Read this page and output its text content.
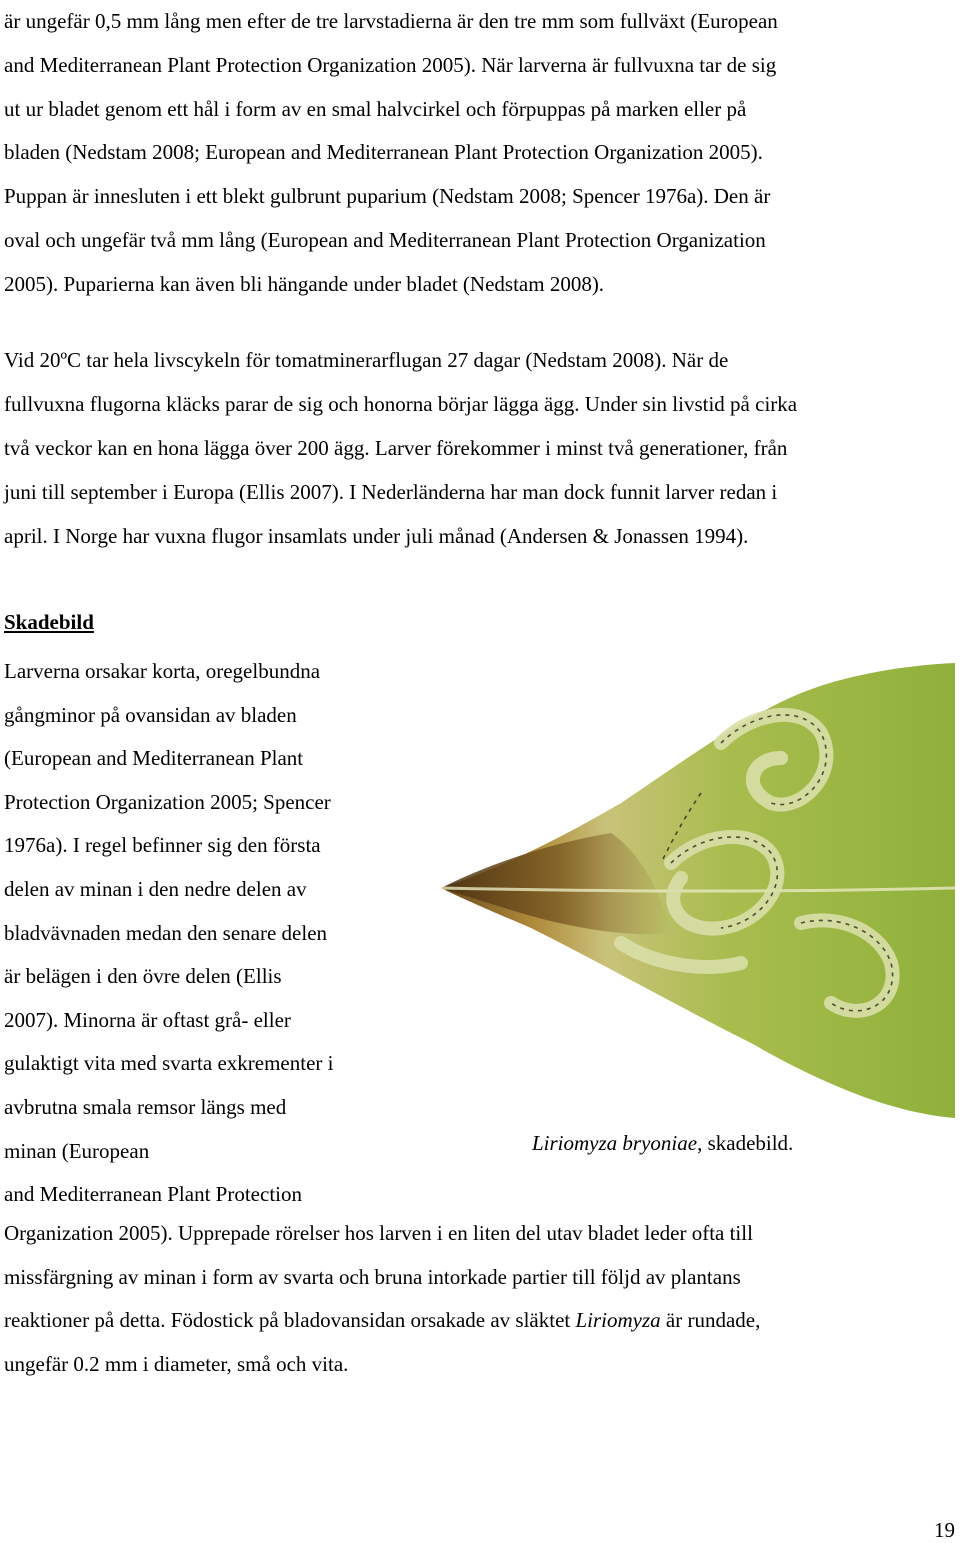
är ungefär 0,5 mm lång men efter de tre larvstadierna är den tre mm som fullväxt (European

and Mediterranean Plant Protection Organization 2005). När larverna är fullvuxna tar de sig

ut ur bladet genom ett hål i form av en smal halvcirkel och förpuppas på marken eller på

bladen (Nedstam 2008; European and Mediterranean Plant Protection Organization 2005).

Puppan är innesluten i ett blekt gulbrunt puparium (Nedstam 2008; Spencer 1976a). Den är

oval och ungefär två mm lång (European and Mediterranean Plant Protection Organization

2005). Puparierna kan även bli hängande under bladet (Nedstam 2008).

Vid 20ºC tar hela livscykeln för tomatminerarflugan 27 dagar (Nedstam 2008). När de

fullvuxna flugorna kläcks parar de sig och honorna börjar lägga ägg. Under sin livstid på cirka

två veckor kan en hona lägga över 200 ägg. Larver förekommer i minst två generationer, från

juni till september i Europa (Ellis 2007). I Nederländerna har man dock funnit larver redan i

april. I Norge har vuxna flugor insamlats under juli månad (Andersen & Jonassen 1994).

Skadebild

Larverna orsakar korta, oregelbundna

gångminor på ovansidan av bladen

(European and Mediterranean Plant

Protection Organization 2005; Spencer

1976a). I regel befinner sig den första

delen av minan i den nedre delen av

bladvävnaden medan den senare delen

är belägen i den övre delen (Ellis

2007). Minorna är oftast grå- eller

gulaktigt vita med svarta exkrementer i

avbrutna smala remsor längs med

minan (European

and Mediterranean Plant Protection

Liriomyza bryoniae, skadebild.

Organization 2005). Upprepade rörelser hos larven i en liten del utav bladet leder ofta till

missfärgning av minan i form av svarta och bruna intorkade partier till följd av plantans

reaktioner på detta. Födostick på bladovansidan orsakade av släktet Liriomyza är rundade,

ungefär 0.2 mm i diameter, små och vita.

19
